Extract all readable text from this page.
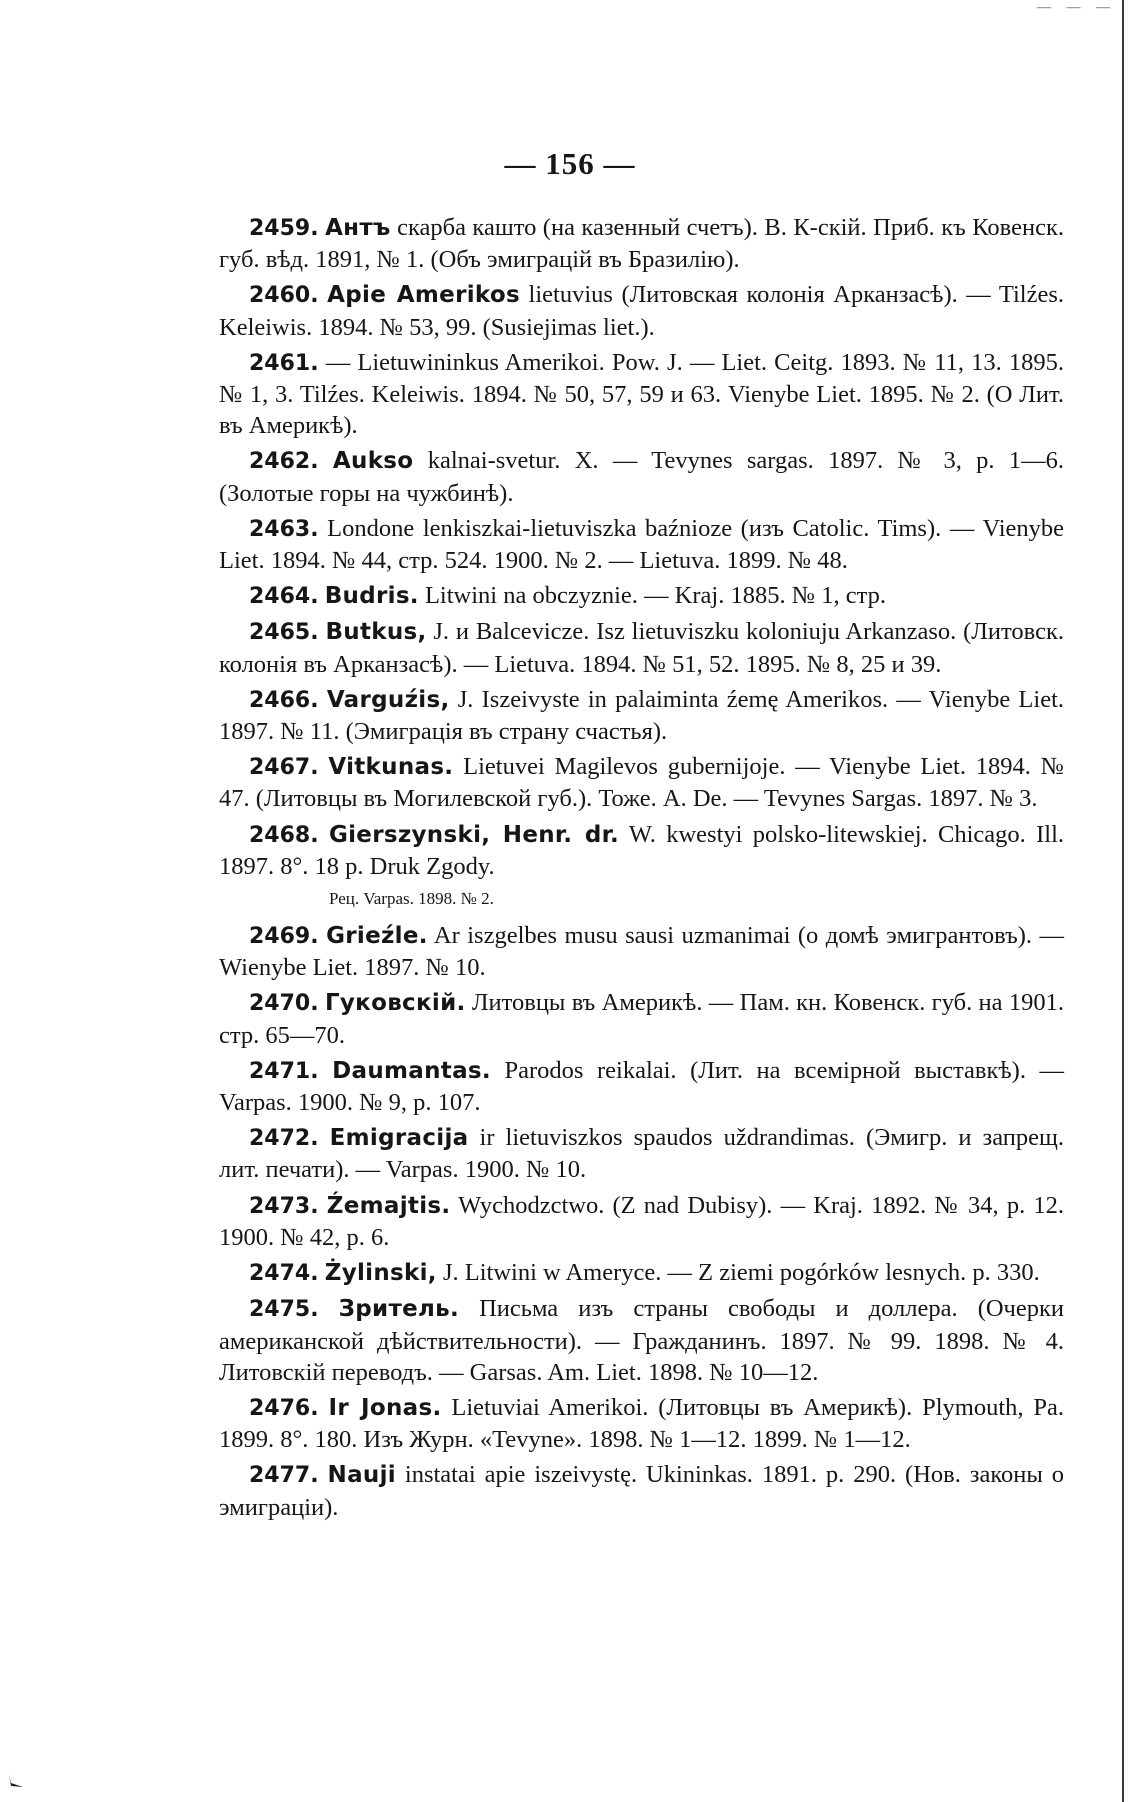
— — —
— 156 —

2459. Антъ скарба кашто (на казенный счетъ). В. К-скій. Приб. къ Ковенск. губ. вѣд. 1891, № 1. (Объ эмиграцій въ Бразилію).

2460. Apie Amerikos lietuvius (Литовская колонія Арканзасѣ). — Tilźes. Keleiwis. 1894. № 53, 99. (Susiejimas liet.).

2461. — Lietuwininkus Amerikoi. Pow. J. — Liet. Ceitg. 1893. № 11, 13. 1895. № 1, 3. Tilźes. Keleiwis. 1894. № 50, 57, 59 и 63. Vienybe Liet. 1895. № 2. (О Лит. въ Америкѣ).

2462. Aukso kalnai-svetur. X. — Tevynes sargas. 1897. № 3, p. 1—6. (Золотые горы на чужбинѣ).

2463. Londone lenkiszkai-lietuviszka baźnioze (изъ Catolic. Tims). — Vienybe Liet. 1894. № 44, стр. 524. 1900. № 2. — Lietuva. 1899. № 48.

2464. Budris. Litwini na obczyznie. — Kraj. 1885. № 1, стр.

2465. Butkus, J. и Balcevicze. Isz lietuviszku koloniuju Arkanzaso. (Литовск. колонія въ Арканзасѣ). — Lietuva. 1894. № 51, 52. 1895. № 8, 25 и 39.

2466. Varguźis, J. Iszeivyste in palaiminta źemę Amerikos. — Vienybe Liet. 1897. № 11. (Эмиграція въ страну счастья).

2467. Vitkunas. Lietuvei Magilevos gubernijoje. — Vienybe Liet. 1894. № 47. (Литовцы въ Могилевской губ.). Тоже. А. De. — Tevynes Sargas. 1897. № 3.

2468. Gierszynski, Henr. dr. W. kwestyi polsko-litewskiej. Chicago. Ill. 1897. 8°. 18 p. Druk Zgody.

Рец. Varpas. 1898. № 2.

2469. Grieźle. Ar iszgelbes musu sausi uzmanimai (о домѣ эмигрантовъ). — Wienybe Liet. 1897. № 10.

2470. Гуковскій. Литовцы въ Америкѣ. — Пам. кн. Ковенск. губ. на 1901. стр. 65—70.

2471. Daumantas. Parodos reikalai. (Лит. на всемірной выставкѣ). — Varpas. 1900. № 9, p. 107.

2472. Emigracija ir lietuviszkos spaudos uždrandimas. (Эмигр. и запрещ. лит. печати). — Varpas. 1900. № 10.

2473. Źemajtis. Wychodzctwo. (Z nad Dubisy). — Kraj. 1892. № 34, p. 12. 1900. № 42, p. 6.

2474. Żylinski, J. Litwini w Ameryce. — Z ziemi pogórków lesnych. p. 330.

2475. Зритель. Письма изъ страны свободы и доллера. (Очерки американской дѣйствительности). — Гражданинъ. 1897. № 99. 1898. № 4. Литовскій переводъ. — Garsas. Am. Liet. 1898. № 10—12.

2476. Ir Jonas. Lietuviai Amerikoi. (Литовцы въ Америкѣ). Plymouth, Pa. 1899. 8°. 180. Изъ Журн. «Tevyne». 1898. № 1—12. 1899. № 1—12.

2477. Nauji instatai apie iszeivystę. Ukininkas. 1891. p. 290. (Нов. законы о эмиграціи).
